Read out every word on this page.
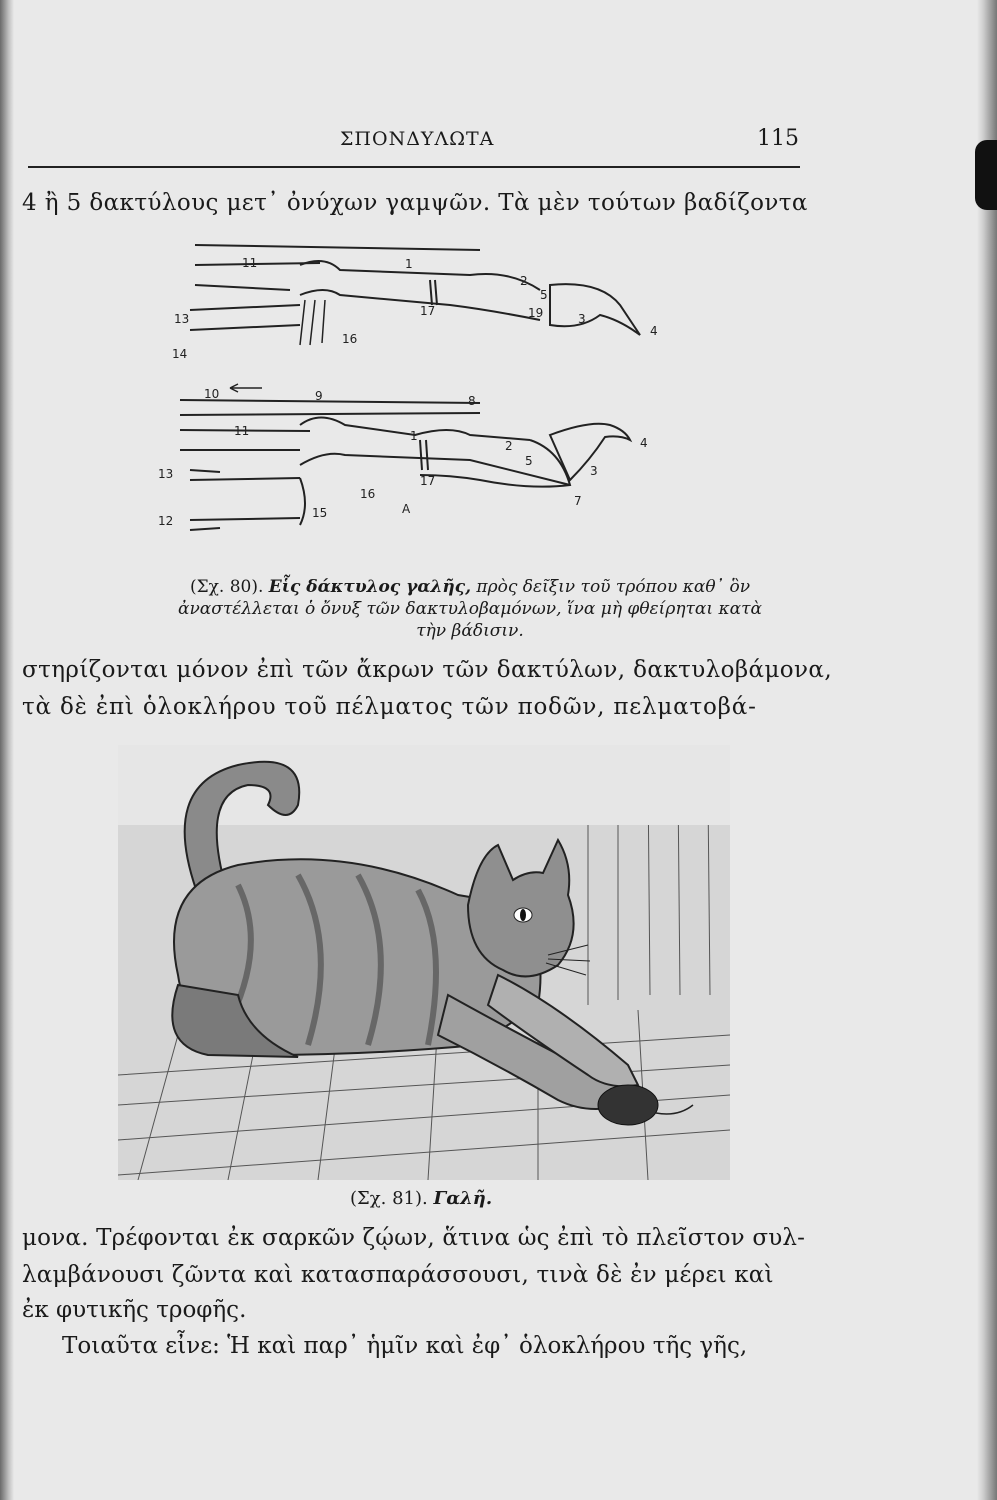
ΣΠΟΝΔΥΛΩΤΑ	115
4 ἢ 5 δακτύλους μετ᾿ ὀνύχων γαμψῶν. Τὰ μὲν τούτων βαδίζοντα
11	1
2
5
19	3
4
13
14
16
17
10	9	8
11	1
2
5
3
4
7
13
12
15
16
17
A
(Σχ. 80). Εἷς δάκτυλος γαλῆς, πρὸς δεῖξιν τοῦ τρόπου καθ᾿ ὃν ἀναστέλλεται ὁ ὄνυξ τῶν δακτυλοβαμόνων, ἵνα μὴ φθείρηται κατὰ τὴν βάδισιν.
στηρίζονται μόνον ἐπὶ τῶν ἄκρων τῶν δακτύλων, δακτυλοβάμονα,
τὰ δὲ ἐπὶ ὁλοκλήρου τοῦ πέλματος τῶν ποδῶν, πελματοβά-
(Σχ. 81). Γαλῆ.
μονα. Τρέφονται ἐκ σαρκῶν ζῴων, ἅτινα ὡς ἐπὶ τὸ πλεῖστον συλ-
λαμβάνουσι ζῶντα καὶ κατασπαράσσουσι, τινὰ δὲ ἐν μέρει καὶ
ἐκ φυτικῆς τροφῆς.
Τοιαῦτα εἶνε: Ἡ καὶ παρ᾿ ἡμῖν καὶ ἐφ᾿ ὁλοκλήρου τῆς γῆς,
